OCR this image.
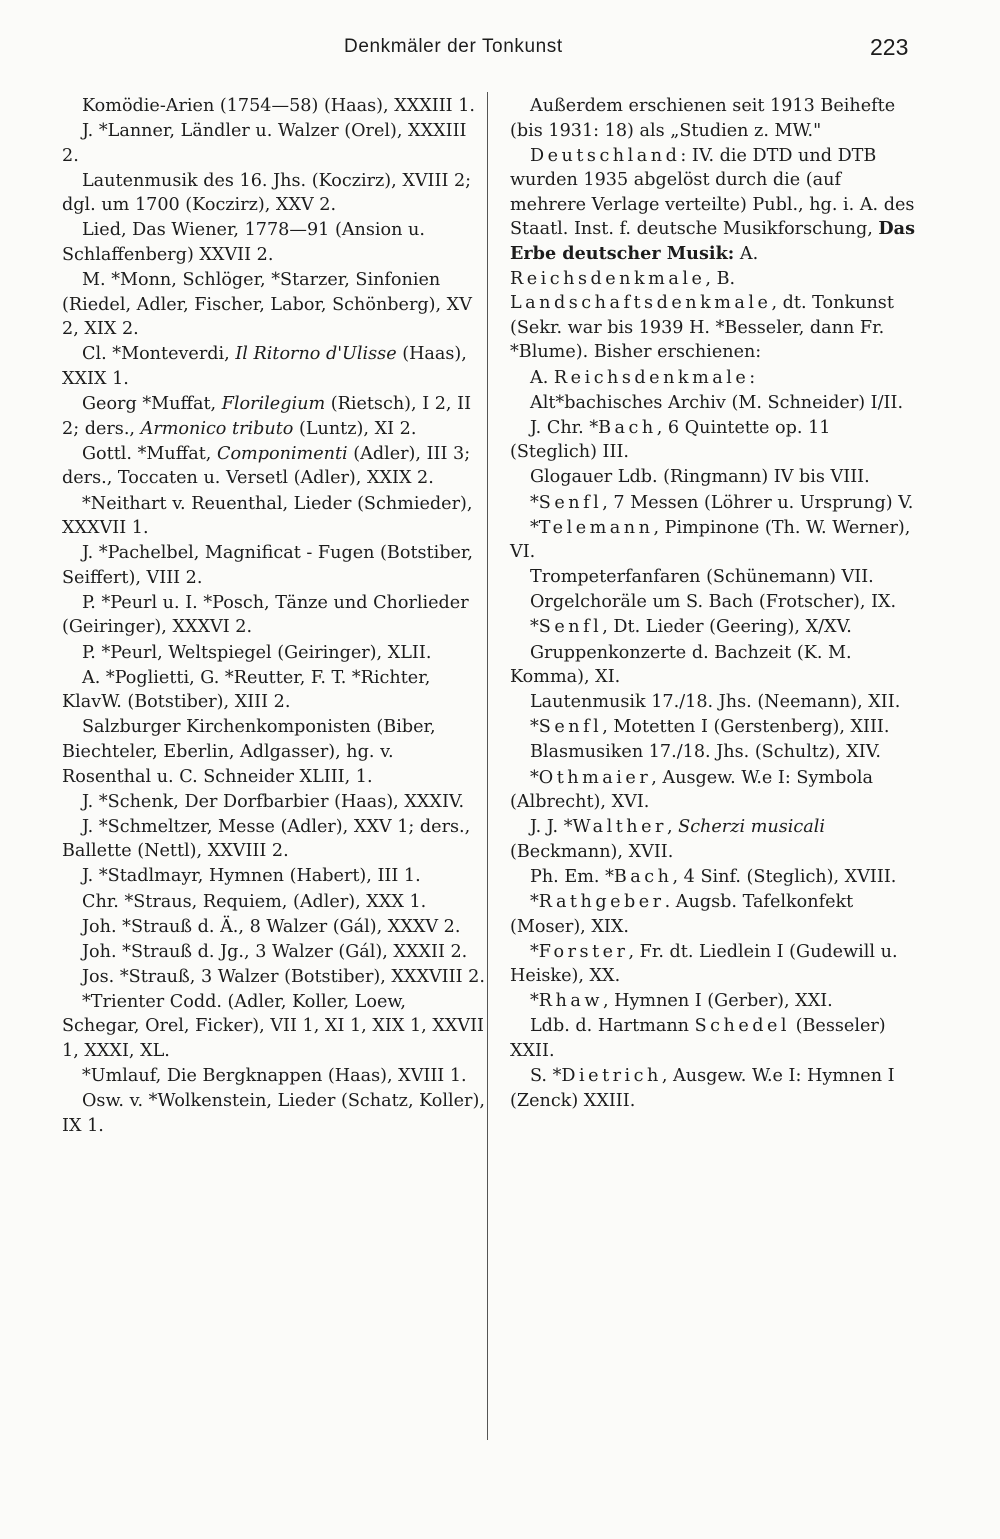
Denkmäler der Tonkunst	223
Komödie-Arien (1754—58) (Haas), XXXIII 1.
J. *Lanner, Ländler u. Walzer (Orel), XXXIII 2.
Lautenmusik des 16. Jhs. (Koczirz), XVIII 2; dgl. um 1700 (Koczirz), XXV 2.
Lied, Das Wiener, 1778—91 (Ansion u. Schlaffenberg) XXVII 2.
M. *Monn, Schlöger, *Starzer, Sinfonien (Riedel, Adler, Fischer, Labor, Schönberg), XV 2, XIX 2.
Cl. *Monteverdi, Il Ritorno d'Ulisse (Haas), XXIX 1.
Georg *Muffat, Florilegium (Rietsch), I 2, II 2; ders., Armonico tributo (Luntz), XI 2.
Gottl. *Muffat, Componimenti (Adler), III 3; ders., Toccaten u. Versetl (Adler), XXIX 2.
*Neithart v. Reuenthal, Lieder (Schmieder), XXXVII 1.
J. *Pachelbel, Magnificat - Fugen (Botstiber, Seiffert), VIII 2.
P. *Peurl u. I. *Posch, Tänze und Chorlieder (Geiringer), XXXVI 2.
P. *Peurl, Weltspiegel (Geiringer), XLII.
A. *Poglietti, G. *Reutter, F. T. *Richter, KlavW. (Botstiber), XIII 2.
Salzburger Kirchenkomponisten (Biber, Biechteler, Eberlin, Adlgasser), hg. v. Rosenthal u. C. Schneider XLIII, 1.
J. *Schenk, Der Dorfbarbier (Haas), XXXIV.
J. *Schmeltzer, Messe (Adler), XXV 1; ders., Ballette (Nettl), XXVIII 2.
J. *Stadlmayr, Hymnen (Habert), III 1.
Chr. *Straus, Requiem, (Adler), XXX 1.
Joh. *Strauß d. Ä., 8 Walzer (Gál), XXXV 2.
Joh. *Strauß d. Jg., 3 Walzer (Gál), XXXII 2.
Jos. *Strauß, 3 Walzer (Botstiber), XXXVIII 2.
*Trienter Codd. (Adler, Koller, Loew, Schegar, Orel, Ficker), VII 1, XI 1, XIX 1, XXVII 1, XXXI, XL.
*Umlauf, Die Bergknappen (Haas), XVIII 1.
Osw. v. *Wolkenstein, Lieder (Schatz, Koller), IX 1.
Außerdem erschienen seit 1913 Beihefte (bis 1931: 18) als „Studien z. MW."
Deutschland: IV. die DTD und DTB wurden 1935 abgelöst durch die (auf mehrere Verlage verteilte) Publ., hg. i. A. des Staatl. Inst. f. deutsche Musikforschung, Das Erbe deutscher Musik: A. Reichsdenkmale, B. Landschaftsdenkmale, dt. Tonkunst (Sekr. war bis 1939 H. *Besseler, dann Fr. *Blume). Bisher erschienen:
A. Reichsdenkmale:
Alt*bachisches Archiv (M. Schneider) I/II.
J. Chr. *Bach, 6 Quintette op. 11 (Steglich) III.
Glogauer Ldb. (Ringmann) IV bis VIII.
*Senfl, 7 Messen (Löhrer u. Ursprung) V.
*Telemann, Pimpinone (Th. W. Werner), VI.
Trompeterfanfaren (Schünemann) VII.
Orgelchoräle um S. Bach (Frotscher), IX.
*Senfl, Dt. Lieder (Geering), X/XV.
Gruppenkonzerte d. Bachzeit (K. M. Komma), XI.
Lautenmusik 17./18. Jhs. (Neemann), XII.
*Senfl, Motetten I (Gerstenberg), XIII.
Blasmusiken 17./18. Jhs. (Schultz), XIV.
*Othmaier, Ausgew. W.e I: Symbola (Albrecht), XVI.
J. J. *Walther, Scherzi musicali (Beckmann), XVII.
Ph. Em. *Bach, 4 Sinf. (Steglich), XVIII.
*Rathgeber. Augsb. Tafelkonfekt (Moser), XIX.
*Forster, Fr. dt. Liedlein I (Gudewill u. Heiske), XX.
*Rhaw, Hymnen I (Gerber), XXI.
Ldb. d. Hartmann Schedel (Besseler) XXII.
S. *Dietrich, Ausgew. W.e I: Hymnen I (Zenck) XXIII.
